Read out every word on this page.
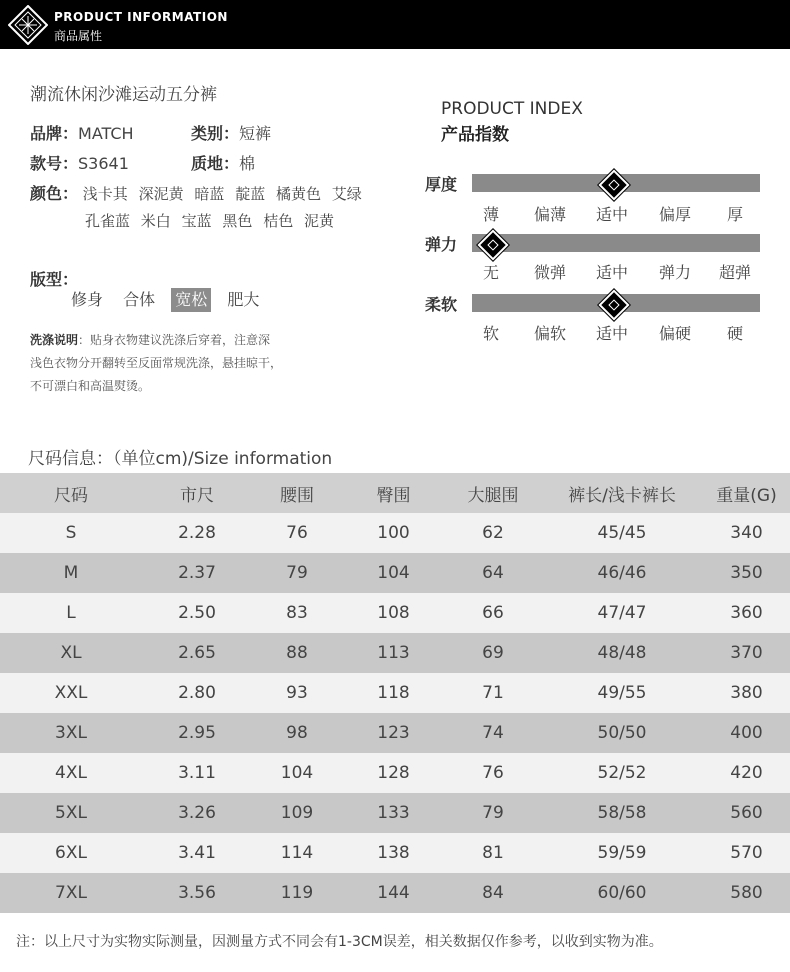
PRODUCT INFORMATION
商品属性
潮流休闲沙滩运动五分裤
品牌：MATCH	类别：短裤
款号：S3641	质地：棉
颜色： 浅卡其 深泥黄 暗蓝 靛蓝 橘黄色 艾绿
孔雀蓝 米白 宝蓝 黑色 桔色 泥黄
版型：
修身 合体 宽松 肥大
洗涤说明：贴身衣物建议洗涤后穿着，注意深
浅色衣物分开翻转至反面常规洗涤，悬挂晾干，
不可漂白和高温熨烫。
PRODUCT INDEX
产品指数
厚度
薄 偏薄 适中 偏厚 厚
弹力
无 微弹 适中 弹力 超弹
柔软
软 偏软 适中 偏硬 硬
尺码信息：（单位cm)/Size information
尺码	市尺	腰围	臀围	大腿围	裤长/浅卡裤长	重量(G)
S	2.28	76	100	62	45/45	340
M	2.37	79	104	64	46/46	350
L	2.50	83	108	66	47/47	360
XL	2.65	88	113	69	48/48	370
XXL	2.80	93	118	71	49/55	380
3XL	2.95	98	123	74	50/50	400
4XL	3.11	104	128	76	52/52	420
5XL	3.26	109	133	79	58/58	560
6XL	3.41	114	138	81	59/59	570
7XL	3.56	119	144	84	60/60	580
注：以上尺寸为实物实际测量，因测量方式不同会有1-3CM误差，相关数据仅作参考，以收到实物为准。
